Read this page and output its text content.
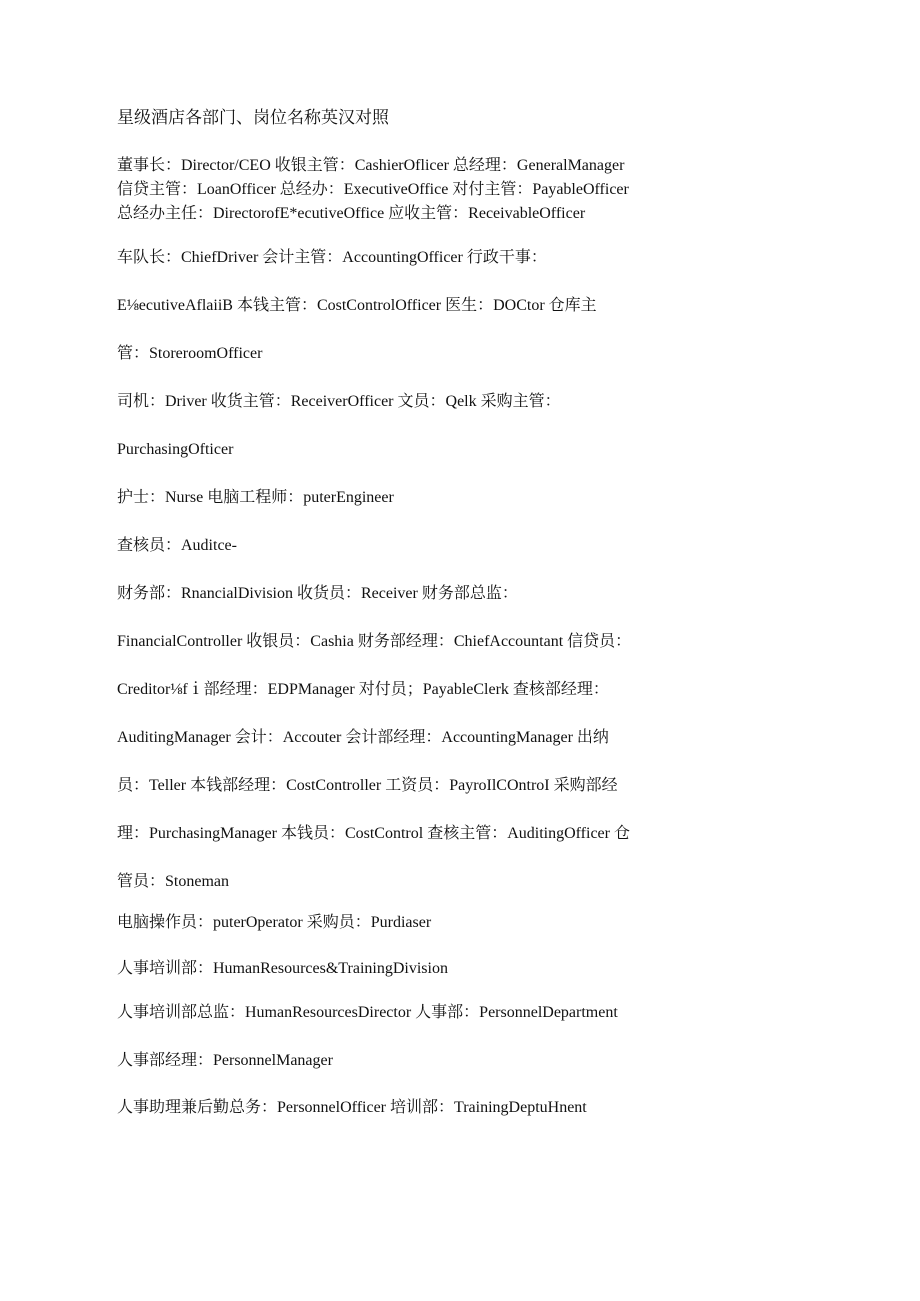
星级酒店各部门、岗位名称英汉对照
董事长：Director/CEO 收银主管：CashierOflicer 总经理：GeneralManager
信贷主管：LoanOfficer 总经办：ExecutiveOffice 对付主管：PayableOfficer
总经办主任：DirectorofE*ecutiveOffice 应收主管：ReceivableOfficer
车队长：ChiefDriver 会计主管：AccountingOfficer 行政干事：
E⅛ecutiveAflaiiB 本钱主管：CostControlOfficer 医生：DOCtor 仓库主
管：StoreroomOfficer
司机：Driver 收货主管：ReceiverOfficer 文员：Qelk 采购主管：
PurchasingOfticer
护士：Nurse 电脑工程师：puterEngineer
查核员：Auditce-
财务部：RnancialDivision 收货员：Receiver 财务部总监：
FinancialController 收银员：Cashia 财务部经理：ChiefAccountant 信贷员：
Creditor⅛fｉ部经理：EDPManager 对付员；PayableClerk 查核部经理：
AuditingManager 会计：Accouter 会计部经理：AccountingManager 出纳
员：Teller 本钱部经理：CostController 工资员：PayroIlCOntroI 采购部经
理：PurchasingManager 本钱员：CostControl 查核主管：AuditingOfficer 仓
管员：Stoneman
电脑操作员：puterOperator 采购员：Purdiaser
人事培训部：HumanResources&TrainingDivision
人事培训部总监：HumanResourcesDirector 人事部：PersonnelDepartment
人事部经理：PersonnelManager
人事助理兼后勤总务：PersonnelOfficer 培训部：TrainingDeptuHnent
